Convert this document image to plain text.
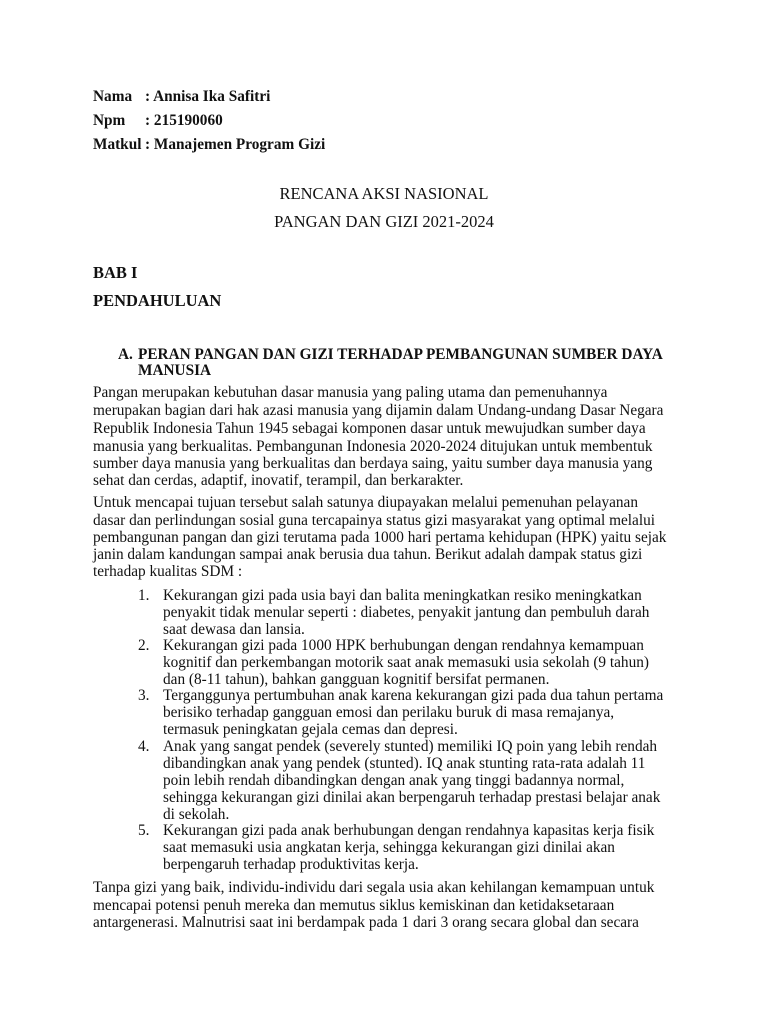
Nama : Annisa Ika Safitri
Npm : 215190060
Matkul : Manajemen Program Gizi
RENCANA AKSI NASIONAL
PANGAN DAN GIZI 2021-2024
BAB I
PENDAHULUAN
A. PERAN PANGAN DAN GIZI TERHADAP PEMBANGUNAN SUMBER DAYA
MANUSIA
Pangan merupakan kebutuhan dasar manusia yang paling utama dan pemenuhannya
merupakan bagian dari hak azasi manusia yang dijamin dalam Undang-undang Dasar Negara
Republik Indonesia Tahun 1945 sebagai komponen dasar untuk mewujudkan sumber daya
manusia yang berkualitas. Pembangunan Indonesia 2020-2024 ditujukan untuk membentuk
sumber daya manusia yang berkualitas dan berdaya saing, yaitu sumber daya manusia yang
sehat dan cerdas, adaptif, inovatif, terampil, dan berkarakter.
Untuk mencapai tujuan tersebut salah satunya diupayakan melalui pemenuhan pelayanan
dasar dan perlindungan sosial guna tercapainya status gizi masyarakat yang optimal melalui
pembangunan pangan dan gizi terutama pada 1000 hari pertama kehidupan (HPK) yaitu sejak
janin dalam kandungan sampai anak berusia dua tahun. Berikut adalah dampak status gizi
terhadap kualitas SDM :
1. Kekurangan gizi pada usia bayi dan balita meningkatkan resiko meningkatkan
penyakit tidak menular seperti : diabetes, penyakit jantung dan pembuluh darah
saat dewasa dan lansia.
2. Kekurangan gizi pada 1000 HPK berhubungan dengan rendahnya kemampuan
kognitif dan perkembangan motorik saat anak memasuki usia sekolah (9 tahun)
dan (8-11 tahun), bahkan gangguan kognitif bersifat permanen.
3. Terganggunya pertumbuhan anak karena kekurangan gizi pada dua tahun pertama
berisiko terhadap gangguan emosi dan perilaku buruk di masa remajanya,
termasuk peningkatan gejala cemas dan depresi.
4. Anak yang sangat pendek (severely stunted) memiliki IQ poin yang lebih rendah
dibandingkan anak yang pendek (stunted). IQ anak stunting rata-rata adalah 11
poin lebih rendah dibandingkan dengan anak yang tinggi badannya normal,
sehingga kekurangan gizi dinilai akan berpengaruh terhadap prestasi belajar anak
di sekolah.
5. Kekurangan gizi pada anak berhubungan dengan rendahnya kapasitas kerja fisik
saat memasuki usia angkatan kerja, sehingga kekurangan gizi dinilai akan
berpengaruh terhadap produktivitas kerja.
Tanpa gizi yang baik, individu-individu dari segala usia akan kehilangan kemampuan untuk
mencapai potensi penuh mereka dan memutus siklus kemiskinan dan ketidaksetaraan
antargenerasi. Malnutrisi saat ini berdampak pada 1 dari 3 orang secara global dan secara
